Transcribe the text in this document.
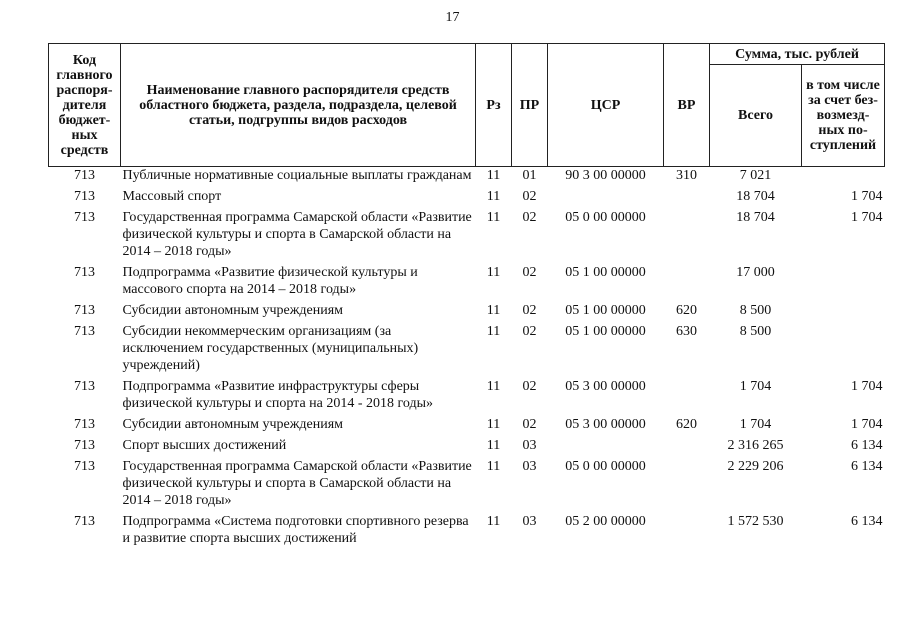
17
Код главного распоря-дителя бюджет-ных средств	Наименование главного распорядителя средств областного бюджета, раздела, подраздела, целевой статьи, подгруппы видов расходов	Рз	ПР	ЦСР	ВР	Сумма, тыс. рублей	
						Всего	в том числе за счет без-возмезд-ных по-ступлений
713	Публичные нормативные социальные выплаты гражданам	11	01	90 3 00 00000	310	7 021	
713	Массовый спорт	11	02			18 704	1 704
713	Государственная программа Самарской области «Развитие физической культуры и спорта в Самарской области на 2014 – 2018 годы»	11	02	05 0 00 00000		18 704	1 704
713	Подпрограмма «Развитие физической культуры и массового спорта на 2014 – 2018 годы»	11	02	05 1 00 00000		17 000	
713	Субсидии автономным учреждениям	11	02	05 1 00 00000	620	8 500	
713	Субсидии некоммерческим организациям (за исключением государственных (муниципальных) учреждений)	11	02	05 1 00 00000	630	8 500	
713	Подпрограмма «Развитие инфраструктуры сферы физической культуры и спорта на 2014 - 2018 годы»	11	02	05 3 00 00000		1 704	1 704
713	Субсидии автономным учреждениям	11	02	05 3 00 00000	620	1 704	1 704
713	Спорт высших достижений	11	03			2 316 265	6 134
713	Государственная программа Самарской области «Развитие физической культуры и спорта в Самарской области на 2014 – 2018 годы»	11	03	05 0 00 00000		2 229 206	6 134
713	Подпрограмма «Система подготовки спортивного резерва и развитие спорта высших достижений	11	03	05 2 00 00000		1 572 530	6 134
